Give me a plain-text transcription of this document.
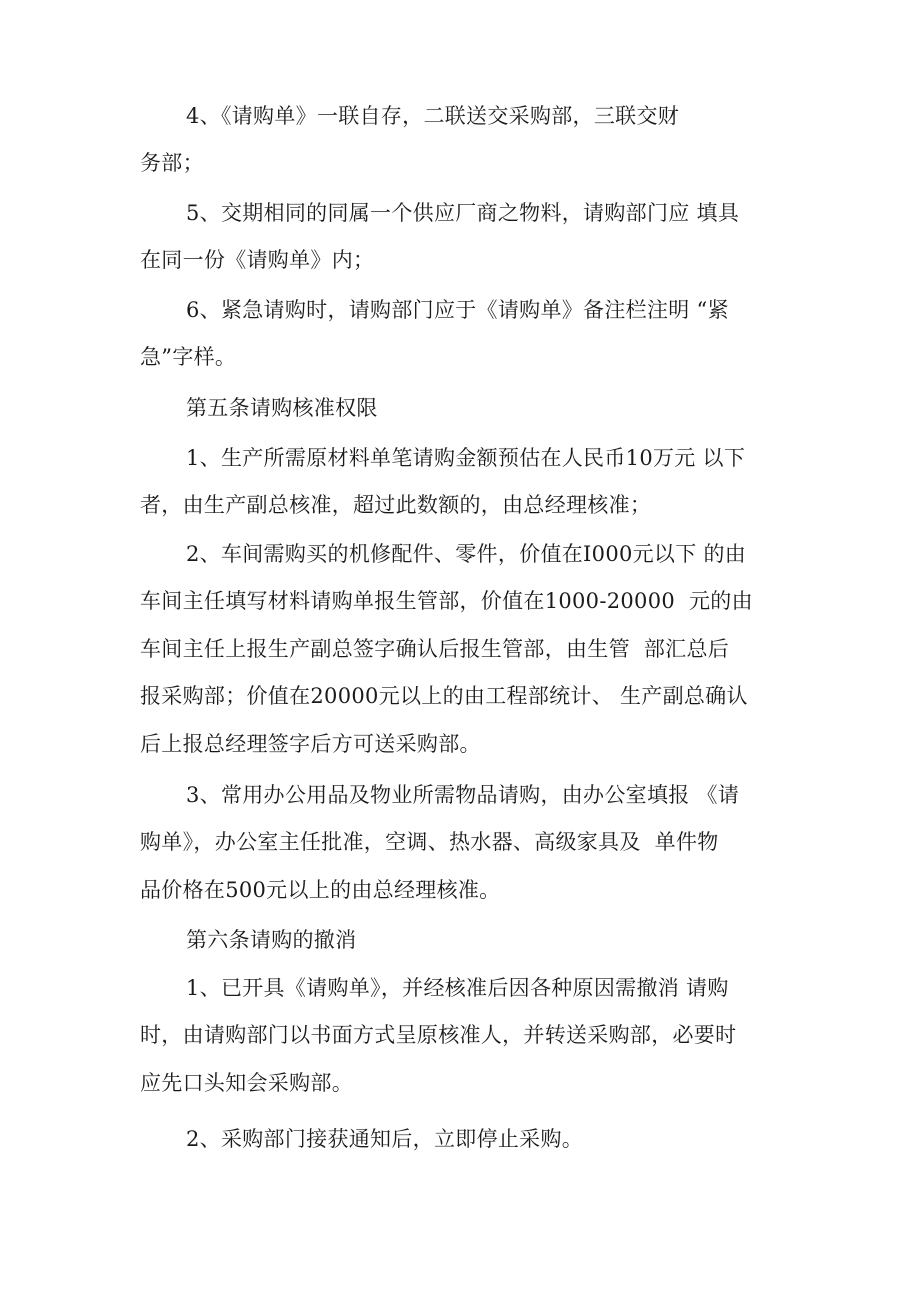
4、《请购单》一联自存，二联送交采购部，三联交财
务部；
5、交期相同的同属一个供应厂商之物料，请购部门应 填具
在同一份《请购单》内；
6、紧急请购时，请购部门应于《请购单》备注栏注明 “紧
急”字样。
第五条请购核准权限
1、生产所需原材料单笔请购金额预估在人民币10万元 以下
者，由生产副总核准，超过此数额的，由总经理核准；
2、车间需购买的机修配件、零件，价值在I000元以下 的由
车间主任填写材料请购单报生管部，价值在1000-20000  元的由
车间主任上报生产副总签字确认后报生管部，由生管  部汇总后
报采购部；价值在20000元以上的由工程部统计、 生产副总确认
后上报总经理签字后方可送采购部。
3、常用办公用品及物业所需物品请购，由办公室填报 《请
购单》，办公室主任批准，空调、热水器、高级家具及  单件物
品价格在500元以上的由总经理核准。
第六条请购的撤消
1、已开具《请购单》，并经核准后因各种原因需撤消 请购
时，由请购部门以书面方式呈原核准人，并转送采购部，必要时
应先口头知会采购部。
2、采购部门接获通知后，立即停止采购。
